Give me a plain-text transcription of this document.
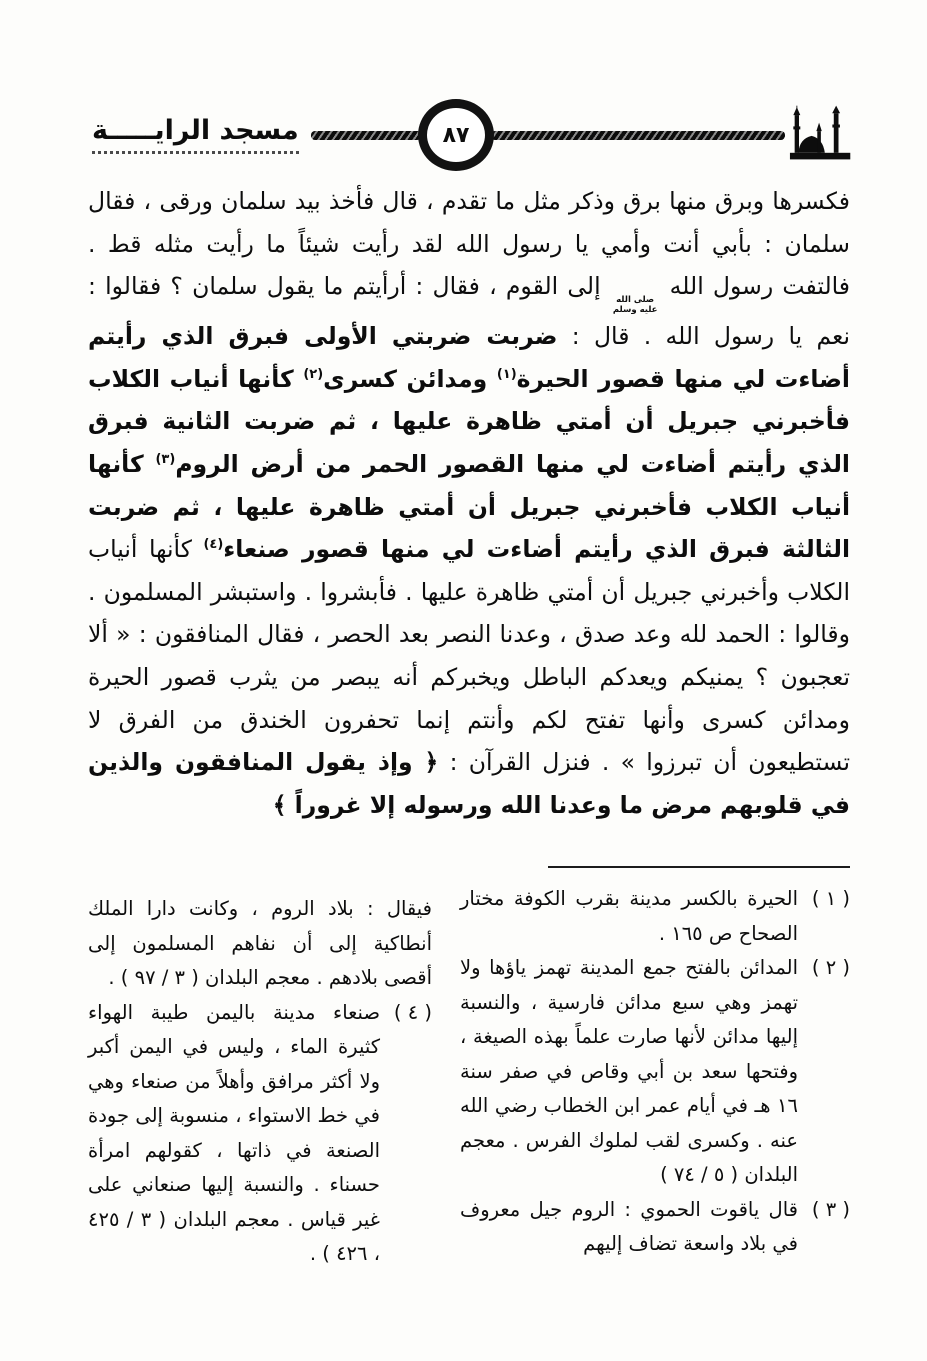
٨٧
مسجد الرايـــــة
فكسرها وبرق منها برق وذكر مثل ما تقدم ، قال فأخذ بيد سلمان ورقى ، فقال سلمان : بأبي أنت وأمي يا رسول الله لقد رأيت شيئاً ما رأيت مثله قط . فالتفت رسول الله
صلى الله
عليه وسلم
إلى القوم ، فقال : أرأيتم ما يقول سلمان ؟ فقالوا : نعم يا رسول الله . قال : ضربت ضربتي الأولى فبرق الذي رأيتم أضاءت لي منها قصور الحيرة$^{(١)}$ ومدائن كسرى$^{(٢)}$ كأنها أنياب الكلاب فأخبرني جبريل أن أمتي ظاهرة عليها ، ثم ضربت الثانية فبرق الذي رأيتم أضاءت لي منها القصور الحمر من أرض الروم$^{(٣)}$ كأنها أنياب الكلاب فأخبرني جبريل أن أمتي ظاهرة عليها ، ثم ضربت الثالثة فبرق الذي رأيتم أضاءت لي منها قصور صنعاء$^{(٤)}$ كأنها أنياب الكلاب وأخبرني جبريل أن أمتي ظاهرة عليها . فأبشروا . واستبشر المسلمون . وقالوا : الحمد لله وعد صدق ، وعدنا النصر بعد الحصر ، فقال المنافقون : « ألا تعجبون ؟ يمنيكم ويعدكم الباطل ويخبركم أنه يبصر من يثرب قصور الحيرة ومدائن كسرى وأنها تفتح لكم وأنتم إنما تحفرون الخندق من الفرق لا تستطيعون أن تبرزوا » . فنزل القرآن : ﴿ وإذ يقول المنافقون والذين في قلوبهم مرض ما وعدنا الله ورسوله إلا غروراً ﴾
( ١ )
الحيرة بالكسر مدينة بقرب الكوفة مختار الصحاح ص ١٦٥ .
( ٢ )
المدائن بالفتح جمع المدينة تهمز ياؤها ولا تهمز وهي سبع مدائن فارسية ، والنسبة إليها مدائن لأنها صارت علماً بهذه الصيغة ، وفتحها سعد بن أبي وقاص في صفر سنة ١٦ هـ في أيام عمر ابن الخطاب رضي الله عنه . وكسرى لقب لملوك الفرس . معجم البلدان ( ٥ / ٧٤ )
( ٣ )
قال ياقوت الحموي : الروم جيل معروف في بلاد واسعة تضاف إليهم
فيقال : بلاد الروم ، وكانت دارا الملك أنطاكية إلى أن نفاهم المسلمون إلى أقصى بلادهم . معجم البلدان ( ٣ / ٩٧ ) .
( ٤ )
صنعاء مدينة باليمن طيبة الهواء كثيرة الماء ، وليس في اليمن أكبر ولا أكثر مرافق وأهلاً من صنعاء وهي في خط الاستواء ، منسوبة إلى جودة الصنعة في ذاتها ، كقولهم امرأة حسناء . والنسبة إليها صنعاني على غير قياس . معجم البلدان ( ٣ / ٤٢٥ ، ٤٢٦ ) .
